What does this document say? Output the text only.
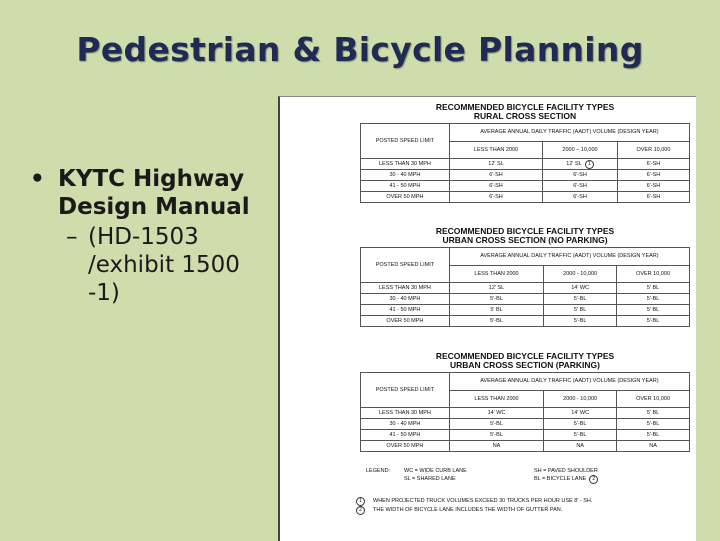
Pedestrian & Bicycle Planning
• KYTC Highway Design Manual
– (HD-1503 /exhibit 1500 -1)
RECOMMENDED BICYCLE FACILITY TYPES
RURAL CROSS SECTION
POSTED SPEED LIMIT	AVERAGE ANNUAL DAILY TRAFFIC (AADT) VOLUME (DESIGN YEAR)		
	LESS THAN 2000	2000 – 10,000	OVER 10,000
LESS THAN 30 MPH	12' SL	12' SL 1	6'-SH
30 - 40 MPH	6'-SH	6'-SH	6'-SH
41 - 50 MPH	6'-SH	6'-SH	6'-SH
OVER 50 MPH	6'-SH	6'-SH	6'-SH
RECOMMENDED BICYCLE FACILITY TYPES
URBAN CROSS SECTION (NO PARKING)
POSTED SPEED LIMIT	AVERAGE ANNUAL DAILY TRAFFIC (AADT) VOLUME (DESIGN YEAR)		
	LESS THAN 2000	2000 - 10,000	OVER 10,000
LESS THAN 30 MPH	12' SL	14' WC	5' BL
30 - 40 MPH	5'-BL	5'-BL	5'-BL
41 - 50 MPH	5' BL	5' BL	5' BL
OVER 50 MPH	5'-BL	5'-BL	5'-BL
RECOMMENDED BICYCLE FACILITY TYPES
URBAN CROSS SECTION (PARKING)
POSTED SPEED LIMIT	AVERAGE ANNUAL DAILY TRAFFIC (AADT) VOLUME (DESIGN YEAR)		
	LESS THAN 2000	2000 - 10,000	OVER 10,000
LESS THAN 30 MPH	14' WC	14' WC	5' BL
30 - 40 MPH	5'-BL	5'-BL	5'-BL
41 - 50 MPH	5'-BL	5'-BL	5'-BL
OVER 50 MPH	NA	NA	NA
LEGEND:	WC = WIDE CURB LANE	SH = PAVED SHOULDER
SL = SHARED LANE	BL = BICYCLE LANE	2
1	WHEN PROJECTED TRUCK VOLUMES EXCEED 30 TRUCKS PER HOUR USE 8' - SH.
2	THE WIDTH OF BICYCLE LANE INCLUDES THE WIDTH OF GUTTER PAN.
